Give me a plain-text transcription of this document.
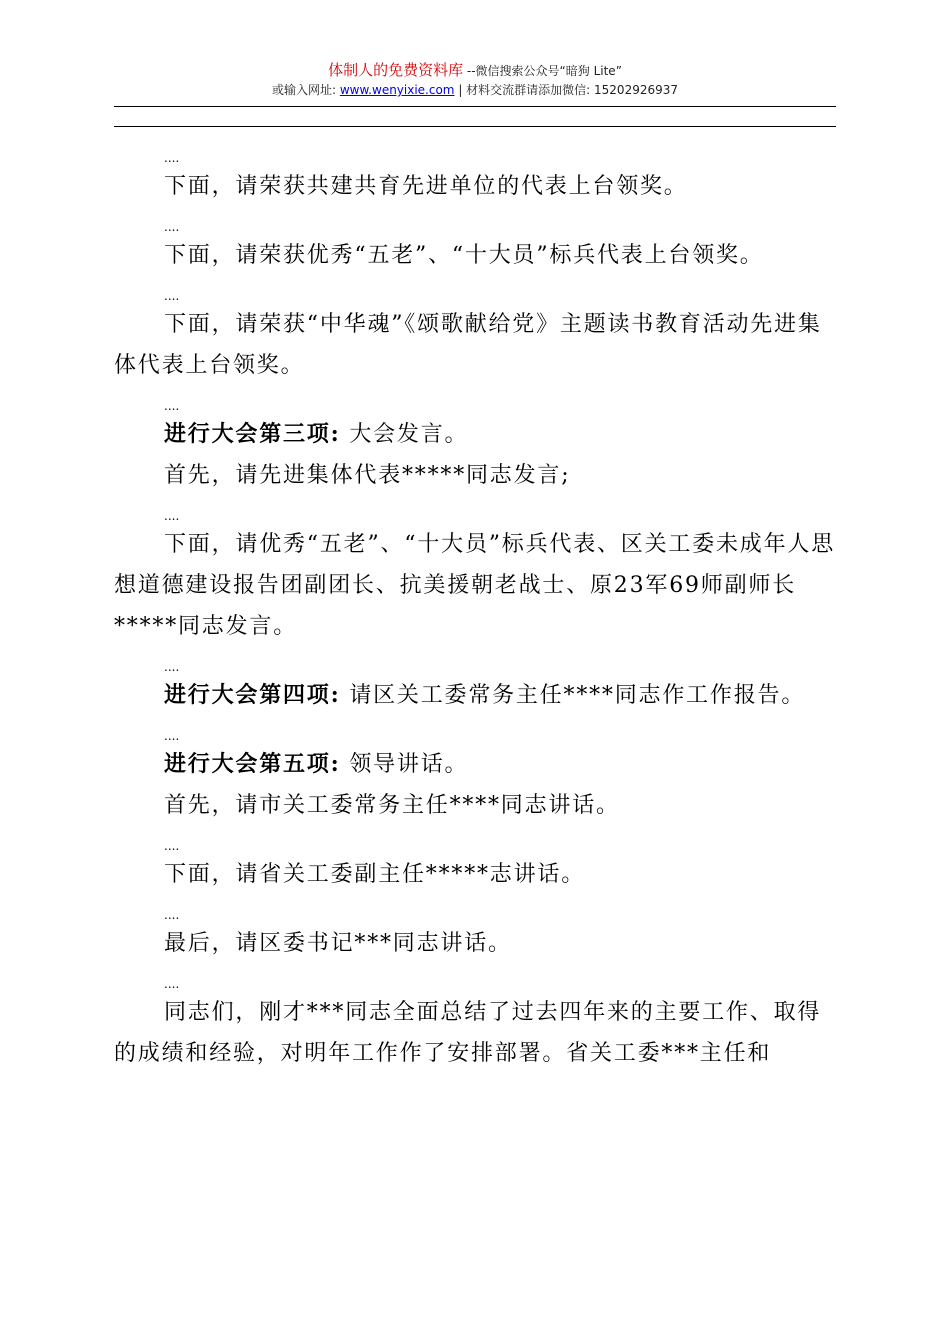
体制人的免费资料库 --微信搜索公众号“暗狗 Lite”
或输入网址: www.wenyixie.com | 材料交流群请添加微信: 15202926937

....

下面，请荣获共建共育先进单位的代表上台领奖。

....

下面，请荣获优秀“五老”、“十大员”标兵代表上台领奖。

....

下面，请荣获“中华魂”《颂歌献给党》主题读书教育活动先进集体代表上台领奖。

....

进行大会第三项: 大会发言。

首先，请先进集体代表*****同志发言;

....

下面，请优秀“五老”、“十大员”标兵代表、区关工委未成年人思想道德建设报告团副团长、抗美援朝老战士、原23军69师副师长*****同志发言。

....

进行大会第四项: 请区关工委常务主任****同志作工作报告。

....

进行大会第五项: 领导讲话。

首先，请市关工委常务主任****同志讲话。

....

下面，请省关工委副主任*****志讲话。

....

最后，请区委书记***同志讲话。

....

同志们，刚才***同志全面总结了过去四年来的主要工作、取得的成绩和经验，对明年工作作了安排部署。省关工委***主任和
